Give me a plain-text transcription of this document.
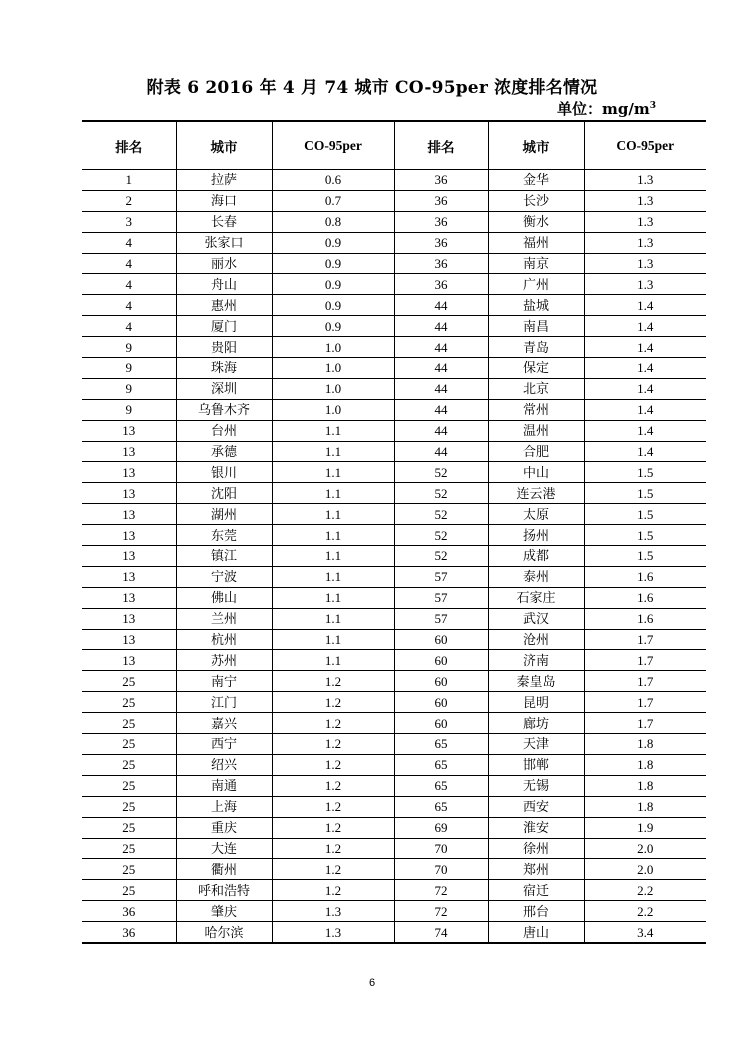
附表 6 2016 年 4 月 74 城市 CO-95per 浓度排名情况
单位：$mg/m^3$
排名	城市	CO-95per	排名	城市	CO-95per
1	拉萨	0.6	36	金华	1.3
2	海口	0.7	36	长沙	1.3
3	长春	0.8	36	衡水	1.3
4	张家口	0.9	36	福州	1.3
4	丽水	0.9	36	南京	1.3
4	舟山	0.9	36	广州	1.3
4	惠州	0.9	44	盐城	1.4
4	厦门	0.9	44	南昌	1.4
9	贵阳	1.0	44	青岛	1.4
9	珠海	1.0	44	保定	1.4
9	深圳	1.0	44	北京	1.4
9	乌鲁木齐	1.0	44	常州	1.4
13	台州	1.1	44	温州	1.4
13	承德	1.1	44	合肥	1.4
13	银川	1.1	52	中山	1.5
13	沈阳	1.1	52	连云港	1.5
13	湖州	1.1	52	太原	1.5
13	东莞	1.1	52	扬州	1.5
13	镇江	1.1	52	成都	1.5
13	宁波	1.1	57	泰州	1.6
13	佛山	1.1	57	石家庄	1.6
13	兰州	1.1	57	武汉	1.6
13	杭州	1.1	60	沧州	1.7
13	苏州	1.1	60	济南	1.7
25	南宁	1.2	60	秦皇岛	1.7
25	江门	1.2	60	昆明	1.7
25	嘉兴	1.2	60	廊坊	1.7
25	西宁	1.2	65	天津	1.8
25	绍兴	1.2	65	邯郸	1.8
25	南通	1.2	65	无锡	1.8
25	上海	1.2	65	西安	1.8
25	重庆	1.2	69	淮安	1.9
25	大连	1.2	70	徐州	2.0
25	衢州	1.2	70	郑州	2.0
25	呼和浩特	1.2	72	宿迁	2.2
36	肇庆	1.3	72	邢台	2.2
36	哈尔滨	1.3	74	唐山	3.4
6
